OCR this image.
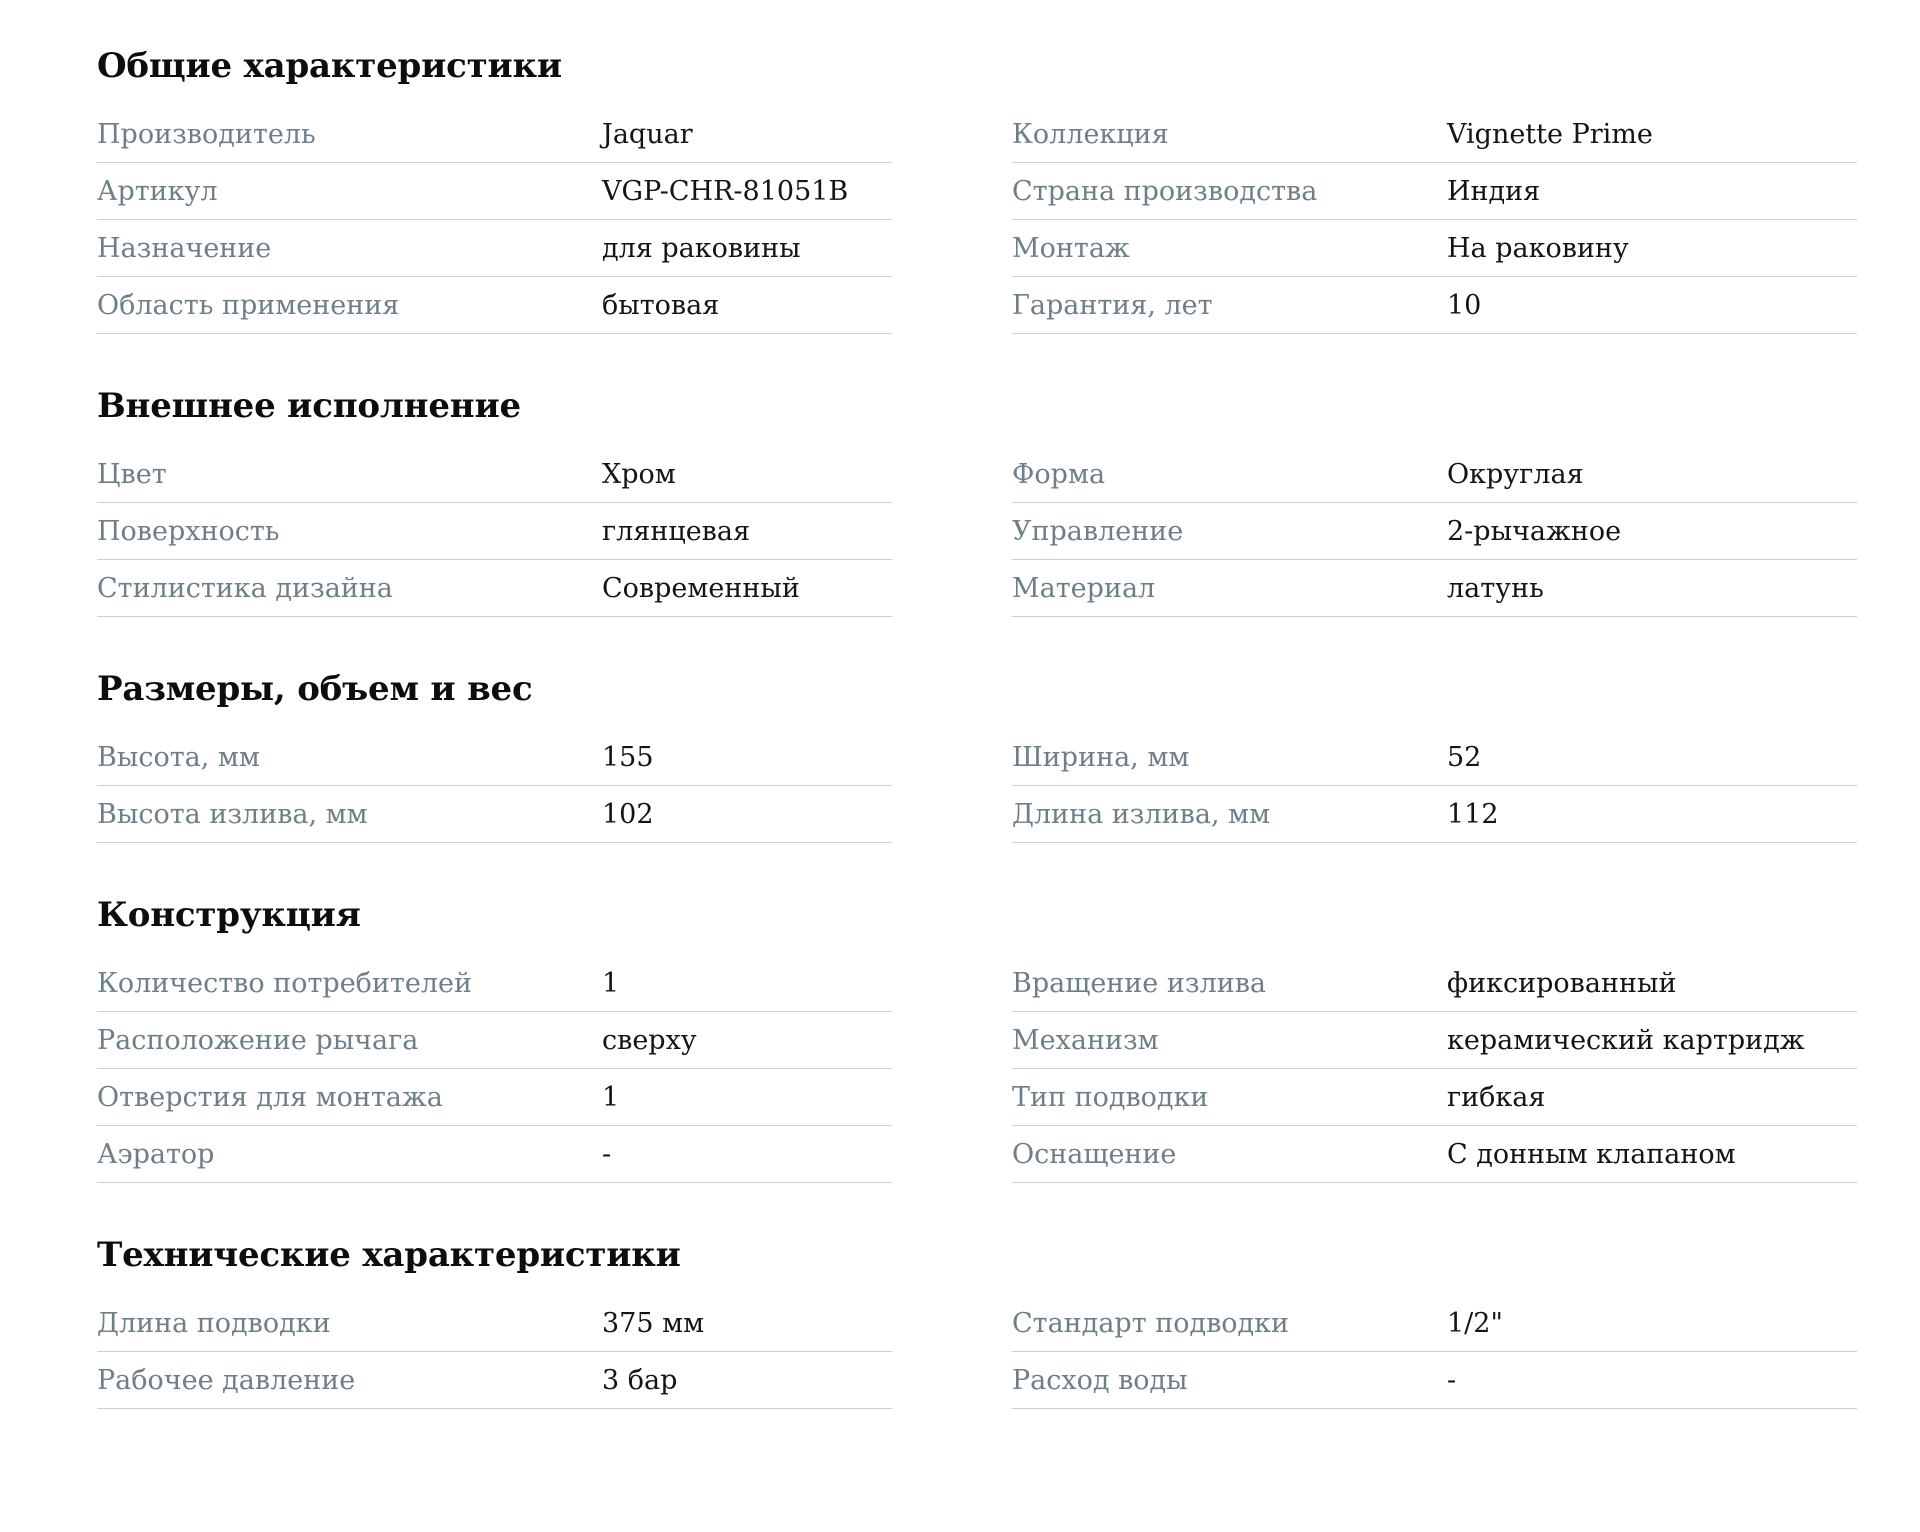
Общие характеристики
Производитель	Jaquar
Артикул	VGP-CHR-81051B
Назначение	для раковины
Область применения	бытовая
Коллекция	Vignette Prime
Страна производства	Индия
Монтаж	На раковину
Гарантия, лет	10
Внешнее исполнение
Цвет	Хром
Поверхность	глянцевая
Стилистика дизайна	Современный
Форма	Округлая
Управление	2-рычажное
Материал	латунь
Размеры, объем и вес
Высота, мм	155
Высота излива, мм	102
Ширина, мм	52
Длина излива, мм	112
Конструкция
Количество потребителей	1
Расположение рычага	сверху
Отверстия для монтажа	1
Аэратор	-
Вращение излива	фиксированный
Механизм	керамический картридж
Тип подводки	гибкая
Оснащение	С донным клапаном
Технические характеристики
Длина подводки	375 мм
Рабочее давление	3 бар
Стандарт подводки	1/2"
Расход воды	-
